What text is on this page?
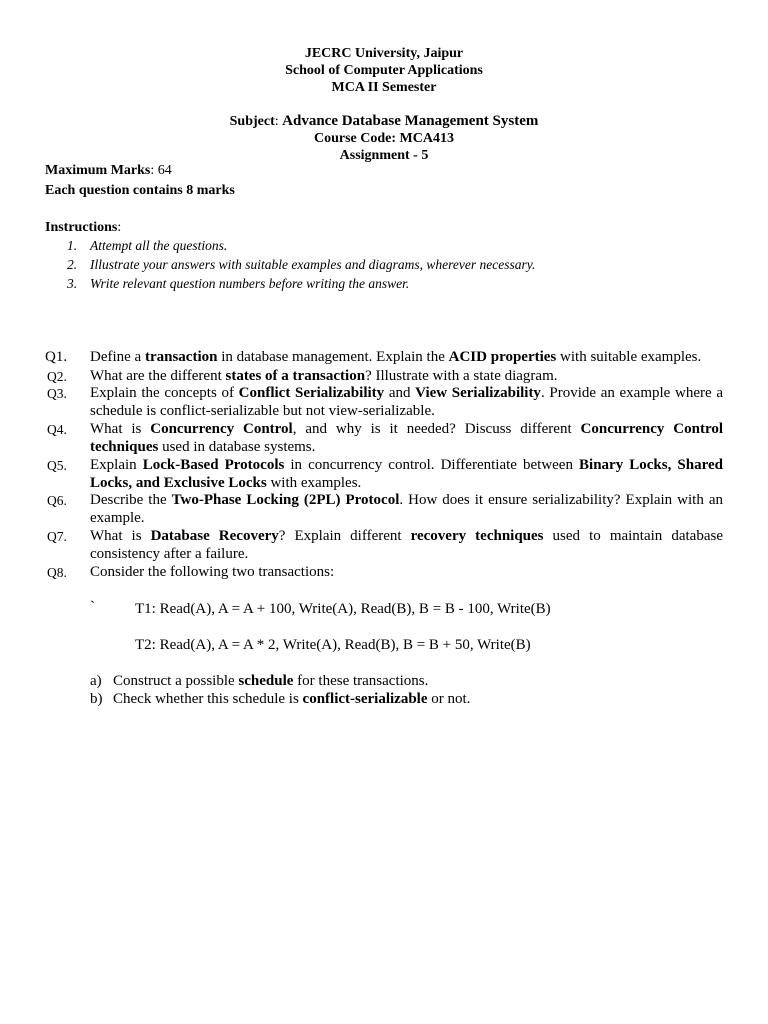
JECRC University, Jaipur
School of Computer Applications
MCA II Semester
Subject: Advance Database Management System
Course Code: MCA413
Assignment - 5
Maximum Marks: 64
Each question contains 8 marks
Instructions:
1. Attempt all the questions.
2. Illustrate your answers with suitable examples and diagrams, wherever necessary.
3. Write relevant question numbers before writing the answer.
Q1. Define a transaction in database management. Explain the ACID properties with suitable examples.
Q2. What are the different states of a transaction? Illustrate with a state diagram.
Q3. Explain the concepts of Conflict Serializability and View Serializability. Provide an example where a schedule is conflict-serializable but not view-serializable.
Q4. What is Concurrency Control, and why is it needed? Discuss different Concurrency Control techniques used in database systems.
Q5. Explain Lock-Based Protocols in concurrency control. Differentiate between Binary Locks, Shared Locks, and Exclusive Locks with examples.
Q6. Describe the Two-Phase Locking (2PL) Protocol. How does it ensure serializability? Explain with an example.
Q7. What is Database Recovery? Explain different recovery techniques used to maintain database consistency after a failure.
Q8. Consider the following two transactions:
`	T1: Read(A), A = A + 100, Write(A), Read(B), B = B - 100, Write(B)
T2: Read(A), A = A * 2, Write(A), Read(B), B = B + 50, Write(B)
a) Construct a possible schedule for these transactions.
b) Check whether this schedule is conflict-serializable or not.
